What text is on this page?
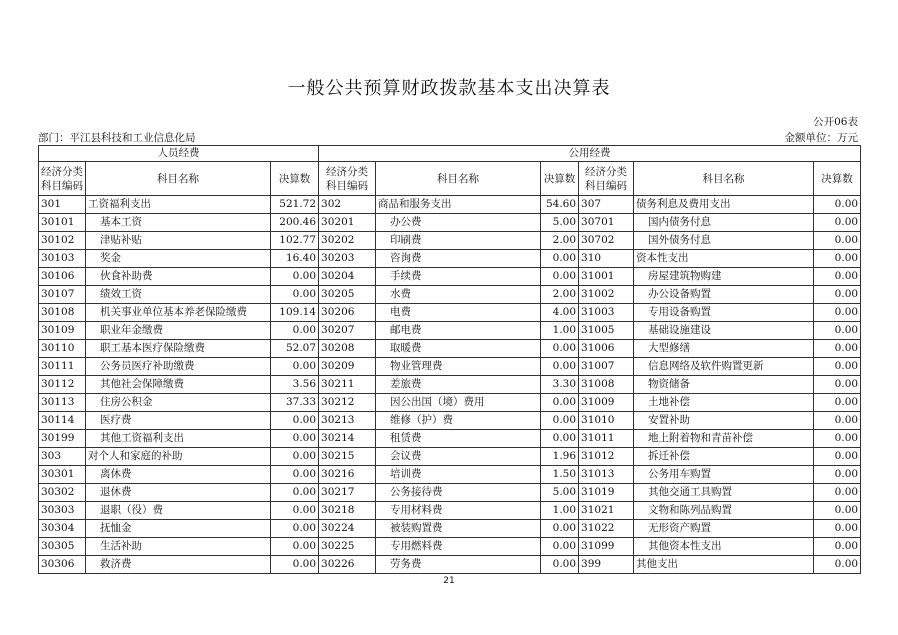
一般公共预算财政拨款基本支出决算表
公开06表
部门：平江县科技和工业信息化局	金额单位：万元
人员经费			公用经费					
经济分类科目编码	科目名称	决算数	经济分类科目编码	科目名称	决算数	经济分类科目编码	科目名称	决算数
301	工资福利支出	521.72	302	商品和服务支出	54.60	307	债务利息及费用支出	0.00
30101	基本工资	200.46	30201	办公费	5.00	30701	国内债务付息	0.00
30102	津贴补贴	102.77	30202	印刷费	2.00	30702	国外债务付息	0.00
30103	奖金	16.40	30203	咨询费	0.00	310	资本性支出	0.00
30106	伙食补助费	0.00	30204	手续费	0.00	31001	房屋建筑物购建	0.00
30107	绩效工资	0.00	30205	水费	2.00	31002	办公设备购置	0.00
30108	机关事业单位基本养老保险缴费	109.14	30206	电费	4.00	31003	专用设备购置	0.00
30109	职业年金缴费	0.00	30207	邮电费	1.00	31005	基础设施建设	0.00
30110	职工基本医疗保险缴费	52.07	30208	取暖费	0.00	31006	大型修缮	0.00
30111	公务员医疗补助缴费	0.00	30209	物业管理费	0.00	31007	信息网络及软件购置更新	0.00
30112	其他社会保障缴费	3.56	30211	差旅费	3.30	31008	物资储备	0.00
30113	住房公积金	37.33	30212	因公出国（境）费用	0.00	31009	土地补偿	0.00
30114	医疗费	0.00	30213	维修（护）费	0.00	31010	安置补助	0.00
30199	其他工资福利支出	0.00	30214	租赁费	0.00	31011	地上附着物和青苗补偿	0.00
303	对个人和家庭的补助	0.00	30215	会议费	1.96	31012	拆迁补偿	0.00
30301	离休费	0.00	30216	培训费	1.50	31013	公务用车购置	0.00
30302	退休费	0.00	30217	公务接待费	5.00	31019	其他交通工具购置	0.00
30303	退职（役）费	0.00	30218	专用材料费	1.00	31021	文物和陈列品购置	0.00
30304	抚恤金	0.00	30224	被装购置费	0.00	31022	无形资产购置	0.00
30305	生活补助	0.00	30225	专用燃料费	0.00	31099	其他资本性支出	0.00
30306	救济费	0.00	30226	劳务费	0.00	399	其他支出	0.00
21
